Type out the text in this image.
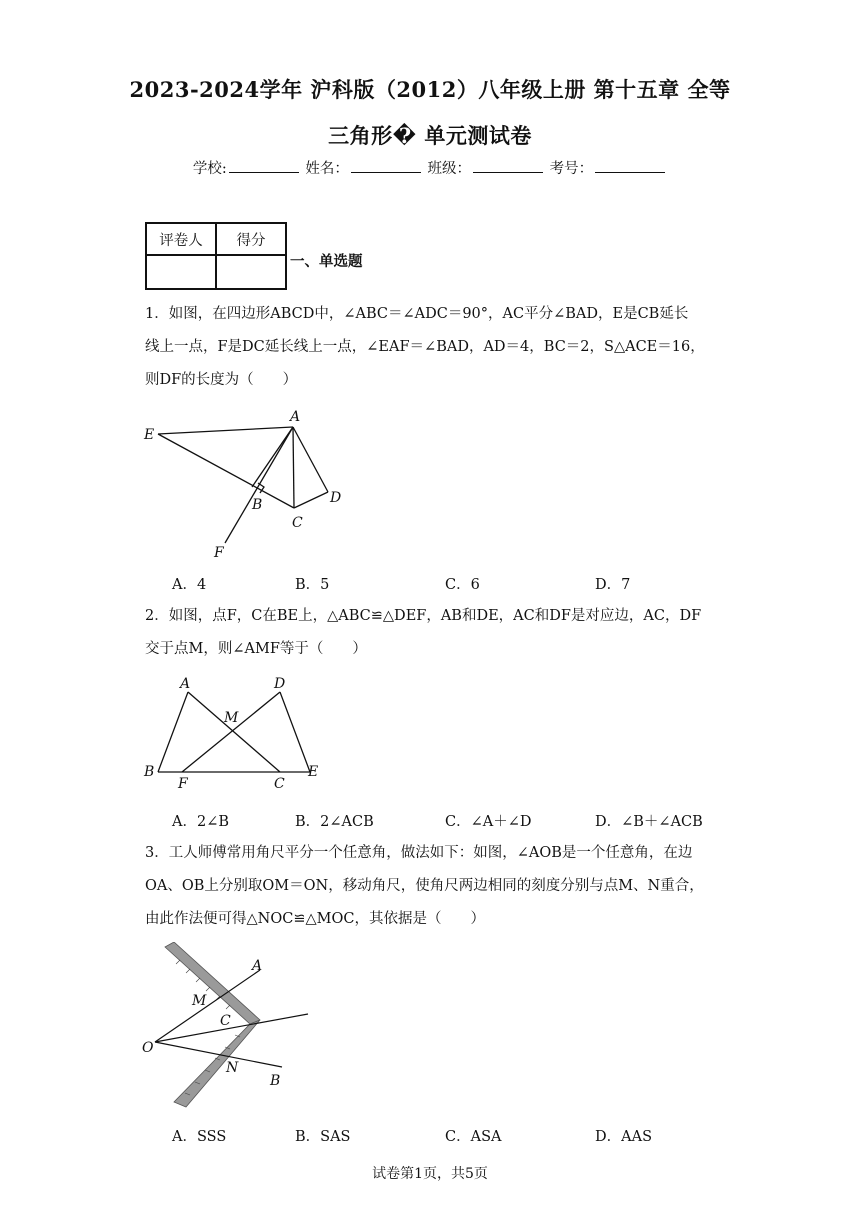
2023-2024学年 沪科版（2012）八年级上册 第十五章 全等
三角形� 单元测试卷
学校:	姓名：	班级：	考号：
评卷人	得分

一、单选题
1．如图，在四边形ABCD中，∠ABC＝∠ADC＝90°，AC平分∠BAD，E是CB延长
线上一点，F是DC延长线上一点，∠EAF＝∠BAD，AD＝4，BC＝2，S△ACE＝16，
则DF的长度为（　　）
A
E
B
C
D
F
A．4	B．5	C．6	D．7
2．如图，点F，C在BE上，△ABC≌△DEF，AB和DE，AC和DF是对应边，AC，DF
交于点M，则∠AMF等于（　　）
A	D
M
B
F	C
E
A．2∠B	B．2∠ACB	C．∠A＋∠D	D．∠B＋∠ACB
3．工人师傅常用角尺平分一个任意角，做法如下：如图，∠AOB是一个任意角，在边
OA、OB上分别取OM＝ON，移动角尺，使角尺两边相同的刻度分别与点M、N重合，
由此作法便可得△NOC≌△MOC，其依据是（　　）
A
M
C
O
N
B
A．SSS	B．SAS	C．ASA	D．AAS
试卷第1页，共5页
